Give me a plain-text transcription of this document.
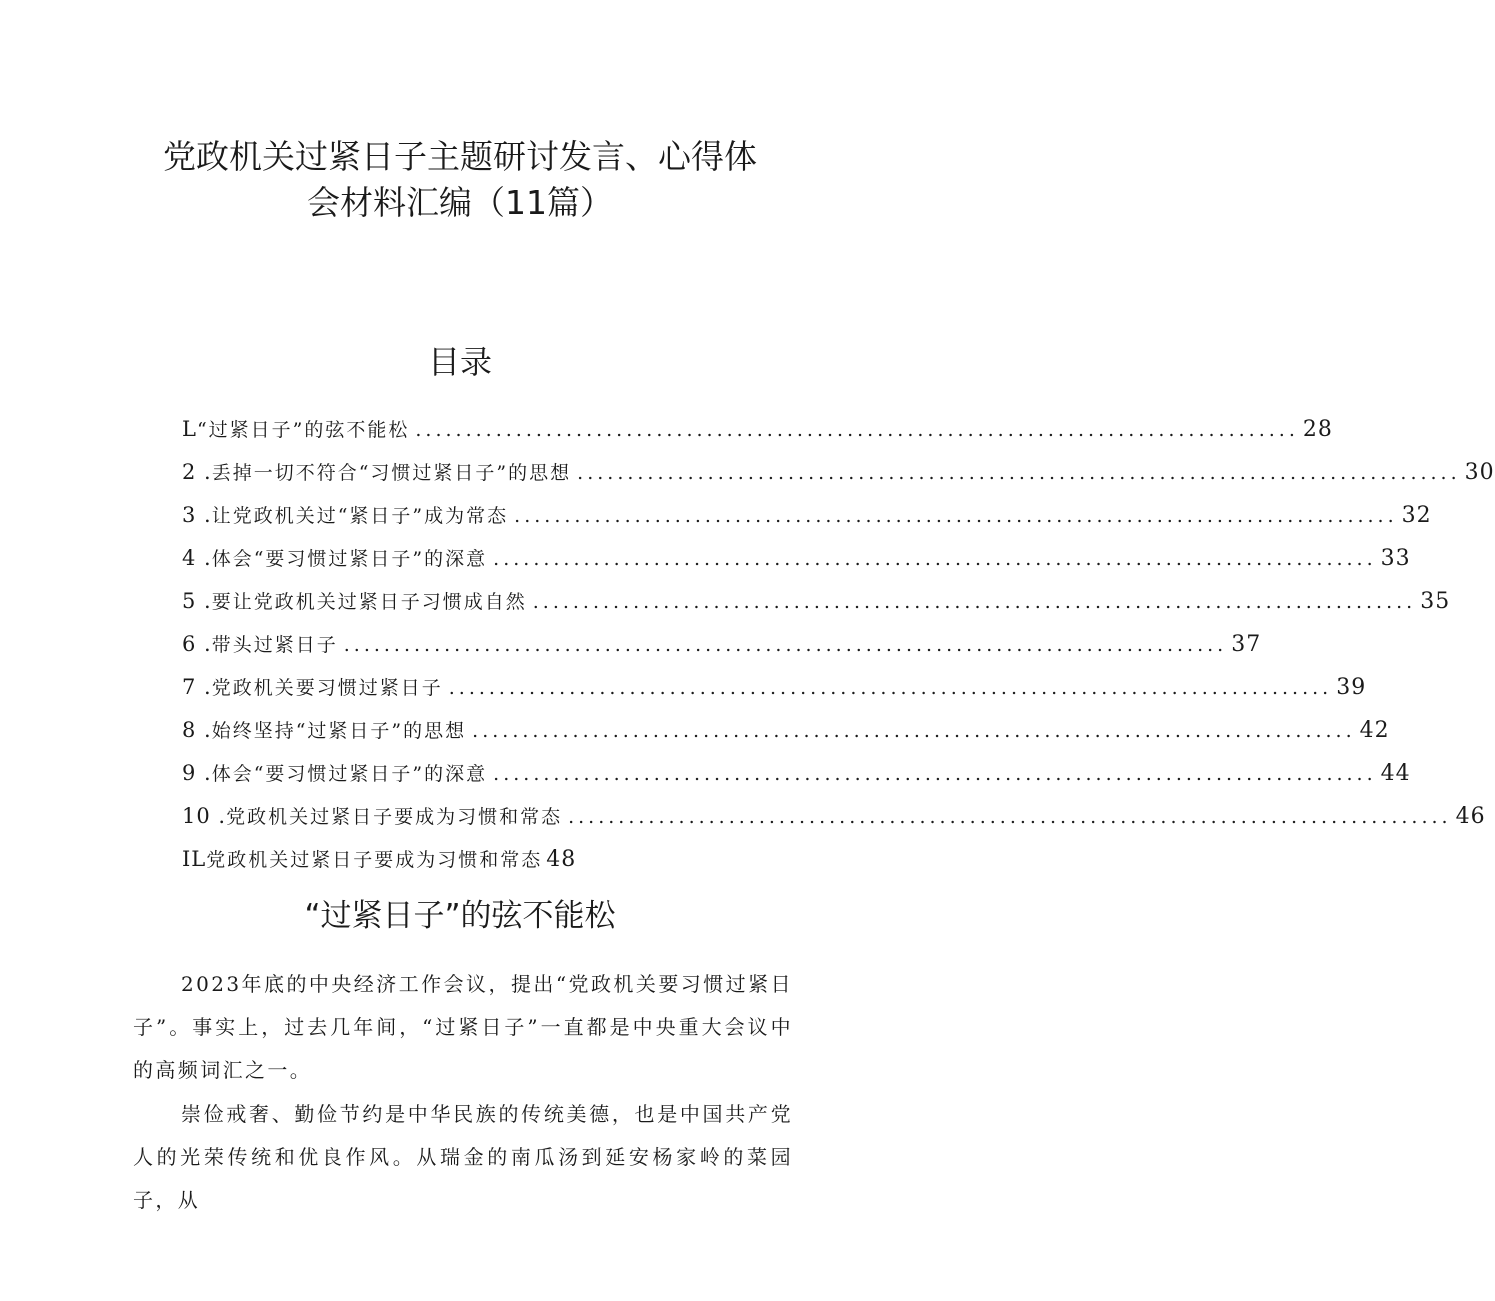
党政机关过紧日子主题研讨发言、心得体
会材料汇编（11篇）
目录
L “过紧日子”的弦不能松 ........................................................................................ 28
2 . 丢掉一切不符合“习惯过紧日子”的思想 ........................................................................................ 30
3 . 让党政机关过“紧日子”成为常态 ........................................................................................ 32
4 . 体会“要习惯过紧日子”的深意 ........................................................................................ 33
5 . 要让党政机关过紧日子习惯成自然 ........................................................................................ 35
6 . 带头过紧日子 ........................................................................................ 37
7 . 党政机关要习惯过紧日子 ........................................................................................ 39
8 . 始终坚持“过紧日子”的思想 ........................................................................................ 42
9 . 体会“要习惯过紧日子”的深意 ........................................................................................ 44
10 . 党政机关过紧日子要成为习惯和常态 ........................................................................................ 46
IL 党政机关过紧日子要成为习惯和常态 48
“过紧日子”的弦不能松

2023年底的中央经济工作会议，提出“党政机关要习惯过紧日子”。事实上，过去几年间，“过紧日子”一直都是中央重大会议中的高频词汇之一。

崇俭戒奢、勤俭节约是中华民族的传统美德，也是中国共产党人的光荣传统和优良作风。从瑞金的南瓜汤到延安杨家岭的菜园子，从
